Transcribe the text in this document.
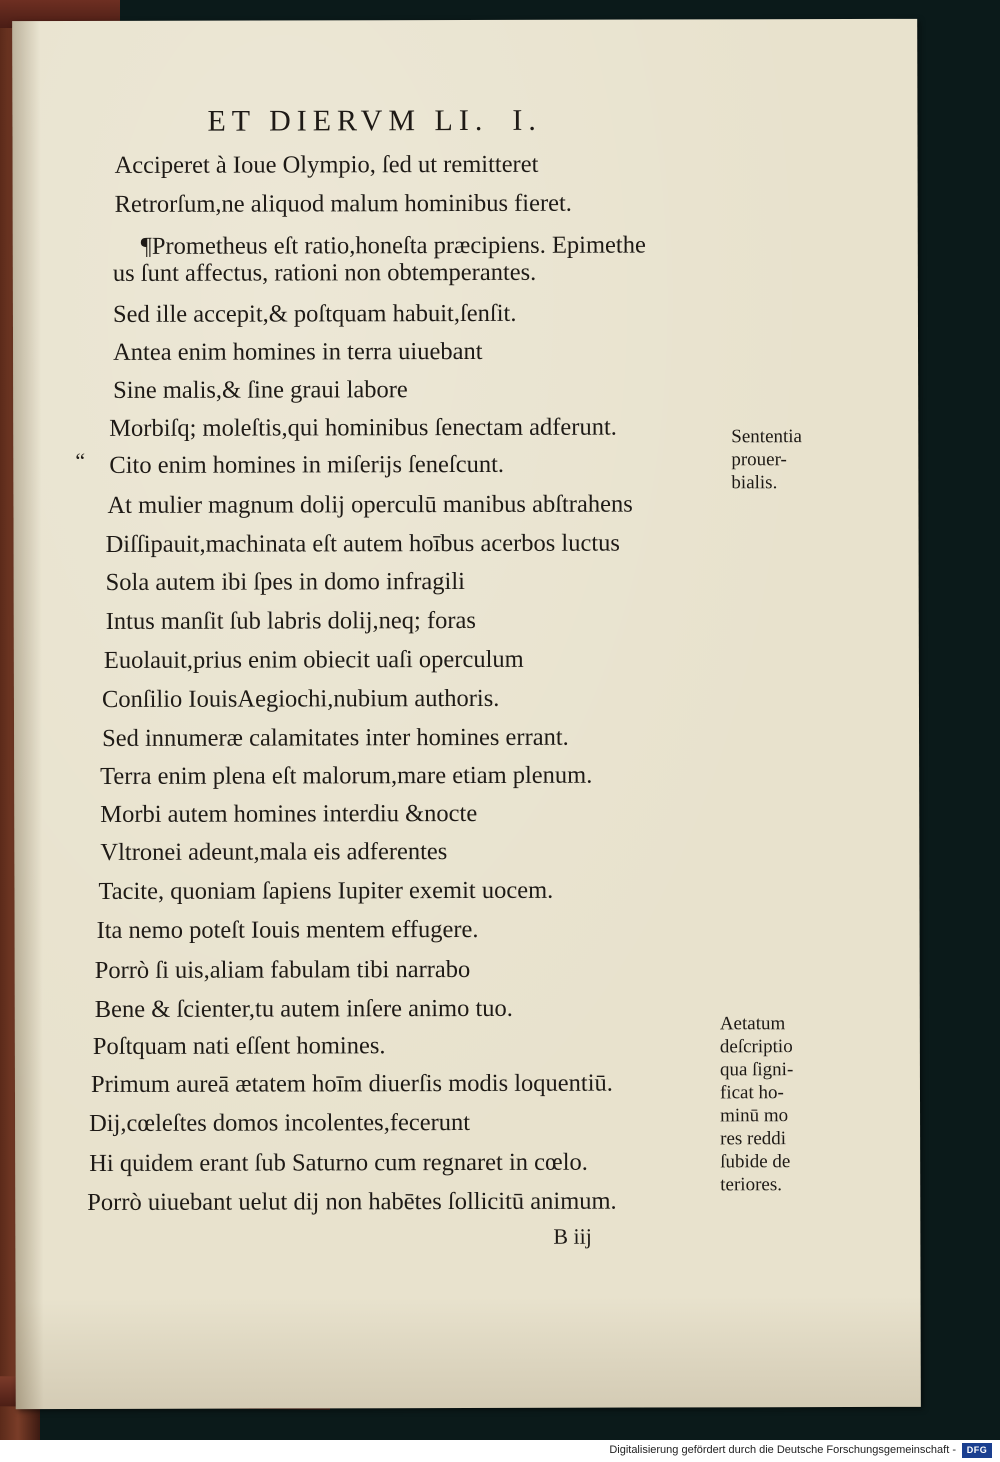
ET DIERVM LI. I.
“
Acciperet à Ioue Olympio, ſed ut remitteret
Retrorſum,ne aliquod malum hominibus fieret.
¶Prometheus eſt ratio,honeſta præcipiens. Epimethe
us ſunt affectus, rationi non obtemperantes.
Sed ille accepit,& poſtquam habuit,ſenſit.
Antea enim homines in terra uiuebant
Sine malis,& ſine graui labore
Morbiſq; moleſtis,qui hominibus ſenectam adferunt.
Cito enim homines in miſerijs ſeneſcunt.
At mulier magnum dolij operculū manibus abſtrahens
Diſſipauit,machinata eſt autem hoībus acerbos luctus
Sola autem ibi ſpes in domo infragili
Intus manſit ſub labris dolij,neq; foras
Euolauit,prius enim obiecit uaſi operculum
Conſilio IouisAegiochi,nubium authoris.
Sed innumeræ calamitates inter homines errant.
Terra enim plena eſt malorum,mare etiam plenum.
Morbi autem homines interdiu &nocte
Vltronei adeunt,mala eis adferentes
Tacite, quoniam ſapiens Iupiter exemit uocem.
Ita nemo poteſt Iouis mentem effugere.
Porrò ſi uis,aliam fabulam tibi narrabo
Bene & ſcienter,tu autem inſere animo tuo.
Poſtquam nati eſſent homines.
Primum aureā ætatem hoīm diuerſis modis loquentiū.
Dij,cœleſtes domos incolentes,fecerunt
Hi quidem erant ſub Saturno cum regnaret in cœlo.
Porrò uiuebant uelut dij non habētes ſollicitū animum.
Sententia
prouer-
bialis.
Aetatum
deſcriptio
qua ſigni-
ficat ho-
minū mo
res reddi
ſubide de
teriores.
B iij
Digitalisierung gefördert durch die Deutsche Forschungsgemeinschaft -	DFG
